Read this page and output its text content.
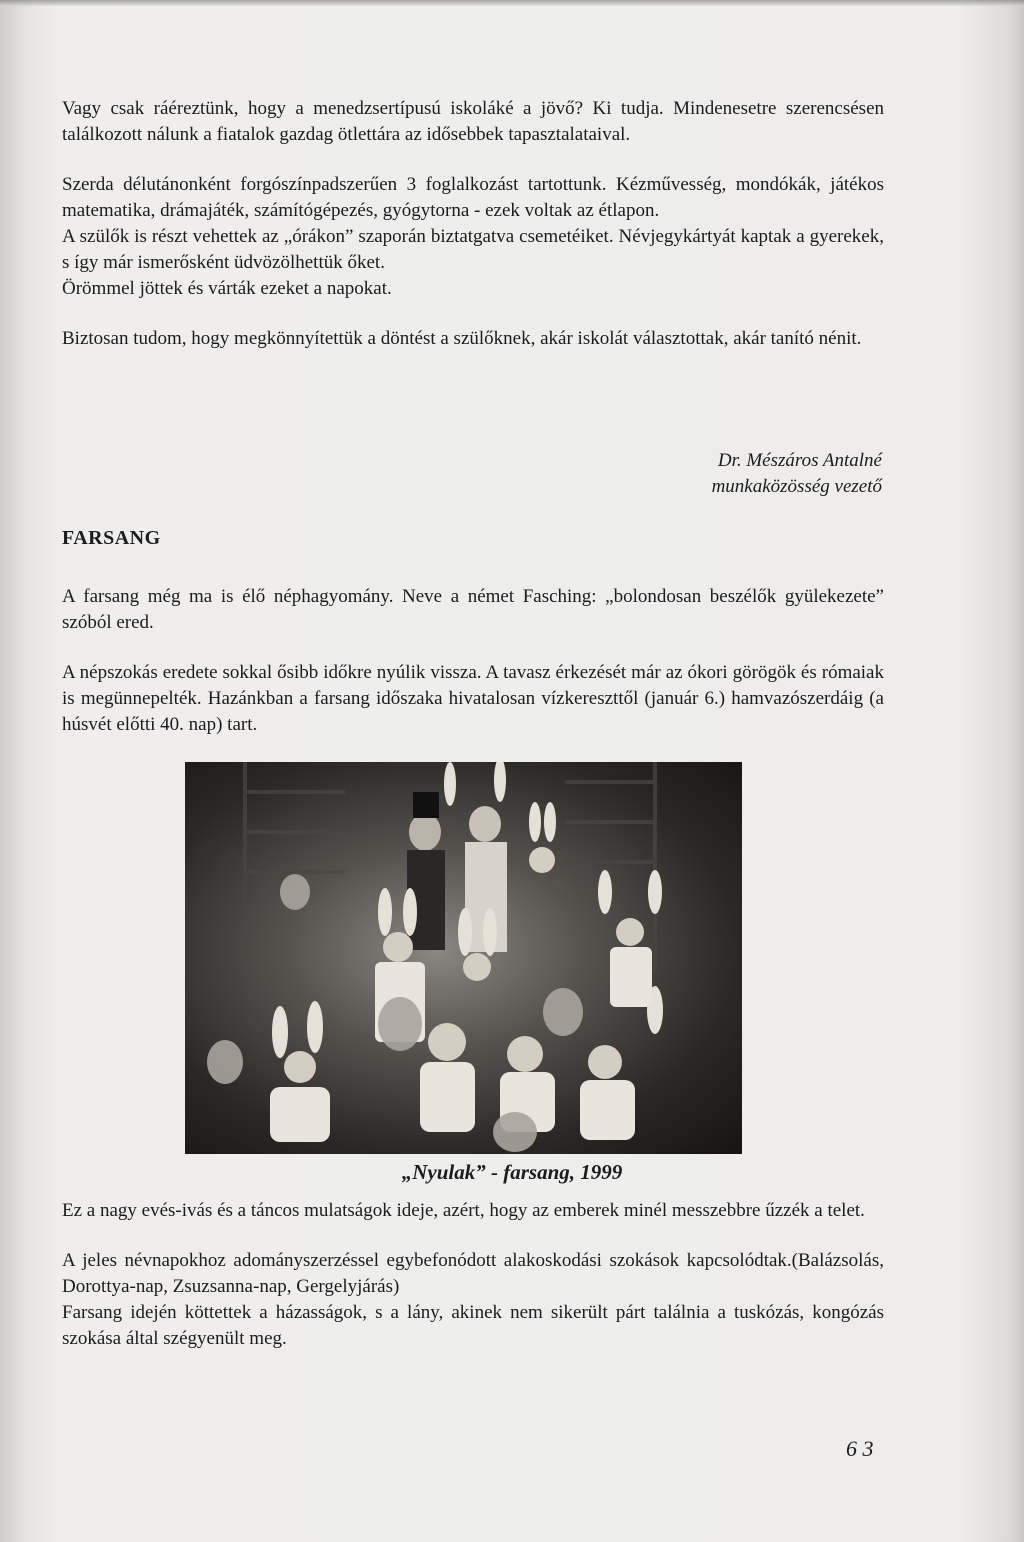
Vagy csak ráéreztünk, hogy a menedzsertípusú iskoláké a jövő? Ki tudja. Mindenesetre szerencsésen találkozott nálunk a fiatalok gazdag ötlettára az idősebbek tapasztalataival.

Szerda délutánonként forgószínpadszerűen 3 foglalkozást tartottunk. Kézművesség, mondókák, játékos matematika, drámajáték, számítógépezés, gyógytorna - ezek voltak az étlapon.

A szülők is részt vehettek az „órákon” szaporán biztatgatva csemetéiket. Névjegykártyát kaptak a gyerekek, s így már ismerősként üdvözölhettük őket.

Örömmel jöttek és várták ezeket a napokat.

Biztosan tudom, hogy megkönnyítettük a döntést a szülőknek, akár iskolát választottak, akár tanító nénit.

Dr. Mészáros Antalné
munkaközösség vezető
FARSANG

A farsang még ma is élő néphagyomány. Neve a német Fasching: „bolondosan beszélők gyülekezete” szóból ered.

A népszokás eredete sokkal ősibb időkre nyúlik vissza. A tavasz érkezését már az ókori görögök és rómaiak is megünnepelték. Hazánkban a farsang időszaka hivatalosan vízkereszttől (január 6.) hamvazószerdáig (a húsvét előtti 40. nap) tart.

„Nyulak” - farsang, 1999

Ez a nagy evés-ivás és a táncos mulatságok ideje, azért, hogy az emberek minél messzebbre űzzék a telet.

A jeles névnapokhoz adományszerzéssel egybefonódott alakoskodási szokások kapcsolódtak.(Balázsolás, Dorottya-nap, Zsuzsanna-nap, Gergelyjárás)

Farsang idején köttettek a házasságok, s a lány, akinek nem sikerült párt találnia a tuskózás, kongózás szokása által szégyenült meg.

6 3
